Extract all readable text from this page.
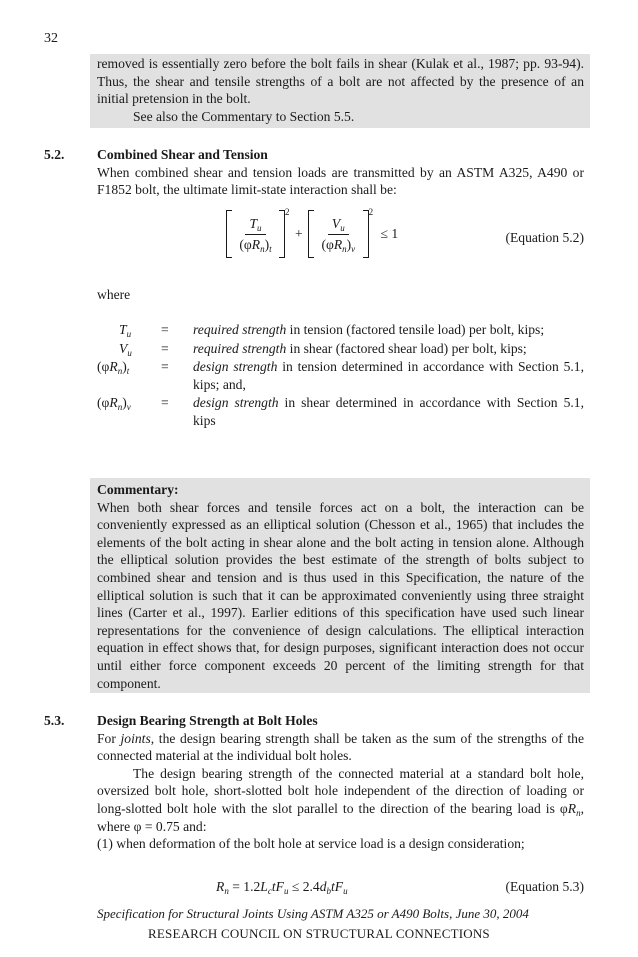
32

removed is essentially zero before the bolt fails in shear (Kulak et al., 1987; pp. 93-94). Thus, the shear and tensile strengths of a bolt are not affected by the presence of an initial pretension in the bolt.

See also the Commentary to Section 5.5.

5.2. Combined Shear and Tension

When combined shear and tension loads are transmitted by an ASTM A325, A490 or F1852 bolt, the ultimate limit-state interaction shall be:

$\frac{T_u}{(\varphi R_n)_t}$
$^2 + \frac{V_u}{(\varphi R_n)_v}$
$^2$ ≤ 1	(Equation 5.2)
where
$T_u$ = required strength in tension (factored tensile load) per bolt, kips;
$V_u$ = required strength in shear (factored shear load) per bolt, kips;
$(\varphi R_n)_t$ = design strength in tension determined in accordance with Section 5.1, kips; and,
$(\varphi R_n)_v$ = design strength in shear determined in accordance with Section 5.1, kips

Commentary:

When both shear forces and tensile forces act on a bolt, the interaction can be conveniently expressed as an elliptical solution (Chesson et al., 1965) that includes the elements of the bolt acting in shear alone and the bolt acting in tension alone. Although the elliptical solution provides the best estimate of the strength of bolts subject to combined shear and tension and is thus used in this Specification, the nature of the elliptical solution is such that it can be approximated conveniently using three straight lines (Carter et al., 1997). Earlier editions of this specification have used such linear representations for the convenience of design calculations. The elliptical interaction equation in effect shows that, for design purposes, significant interaction does not occur until either force component exceeds 20 percent of the limiting strength for that component.

5.3. Design Bearing Strength at Bolt Holes

For joints, the design bearing strength shall be taken as the sum of the strengths of the connected material at the individual bolt holes.

The design bearing strength of the connected material at a standard bolt hole, oversized bolt hole, short-slotted bolt hole independent of the direction of loading or long-slotted bolt hole with the slot parallel to the direction of the bearing load is $\varphi R_n$, where φ = 0.75 and:

(1) when deformation of the bolt hole at service load is a design consideration;

$R_n = 1.2L_ctF_u \le 2.4d_btF_u$	(Equation 5.3)
Specification for Structural Joints Using ASTM A325 or A490 Bolts, June 30, 2004
RESEARCH COUNCIL ON STRUCTURAL CONNECTIONS
